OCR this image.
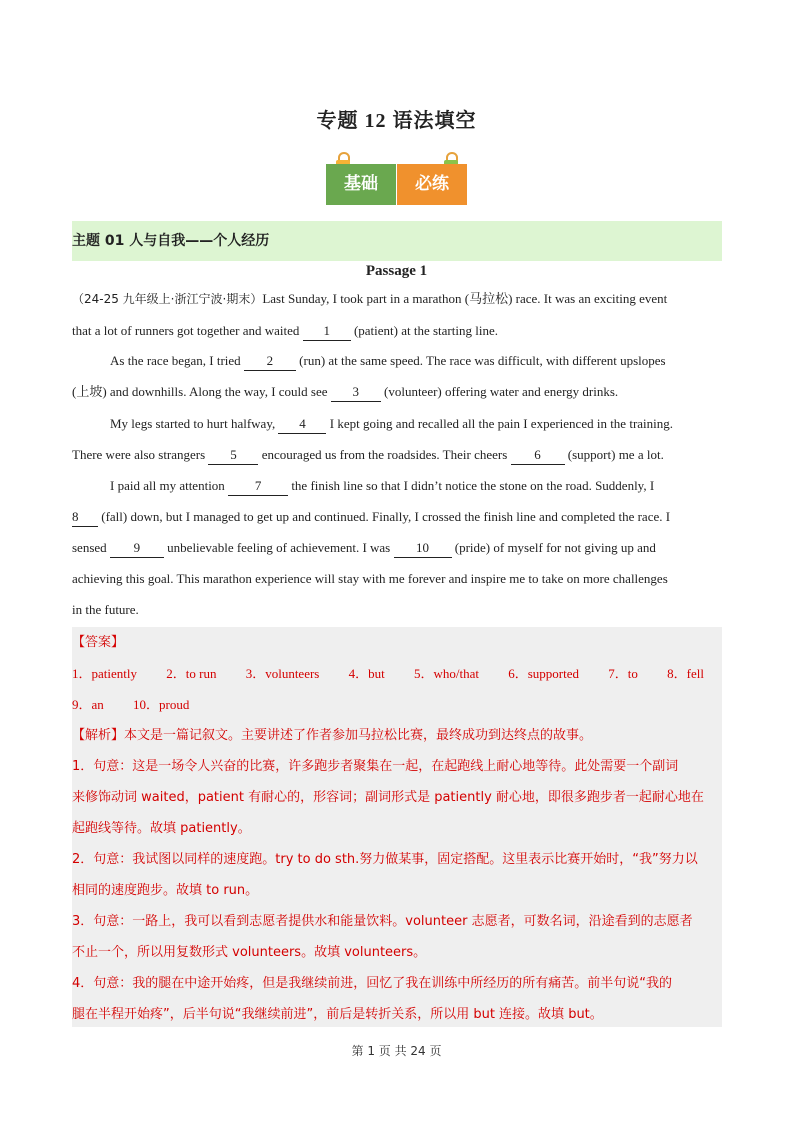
专题 12 语法填空
基础	必练
主题 01 人与自我——个人经历
Passage 1
（24-25 九年级上·浙江宁波·期末）Last Sunday, I took part in a marathon (马拉松) race. It was an exciting event
that a lot of runners got together and waited 1 (patient) at the starting line.
As the race began, I tried 2 (run) at the same speed. The race was difficult, with different upslopes
(上坡) and downhills. Along the way, I could see 3 (volunteer) offering water and energy drinks.
My legs started to hurt halfway, 4 I kept going and recalled all the pain I experienced in the training.
There were also strangers 5 encouraged us from the roadsides. Their cheers 6 (support) me a lot.
I paid all my attention 7 the finish line so that I didn’t notice the stone on the road. Suddenly, I
8 (fall) down, but I managed to get up and continued. Finally, I crossed the finish line and completed the race. I
sensed 9 unbelievable feeling of achievement. I was 10 (pride) of myself for not giving up and
achieving this goal. This marathon experience will stay with me forever and inspire me to take on more challenges
in the future.
【答案】
1．patiently 2．to run 3．volunteers 4．but 5．who/that 6．supported 7．to 8．fell
9．an 10．proud
【解析】本文是一篇记叙文。主要讲述了作者参加马拉松比赛，最终成功到达终点的故事。
1．句意：这是一场令人兴奋的比赛，许多跑步者聚集在一起，在起跑线上耐心地等待。此处需要一个副词
来修饰动词 waited，patient 有耐心的，形容词；副词形式是 patiently 耐心地，即很多跑步者一起耐心地在
起跑线等待。故填 patiently。
2．句意：我试图以同样的速度跑。try to do sth.努力做某事，固定搭配。这里表示比赛开始时，“我”努力以
相同的速度跑步。故填 to run。
3．句意：一路上，我可以看到志愿者提供水和能量饮料。volunteer 志愿者，可数名词，沿途看到的志愿者
不止一个，所以用复数形式 volunteers。故填 volunteers。
4．句意：我的腿在中途开始疼，但是我继续前进，回忆了我在训练中所经历的所有痛苦。前半句说“我的
腿在半程开始疼”，后半句说“我继续前进”，前后是转折关系，所以用 but 连接。故填 but。
第 1 页 共 24 页
